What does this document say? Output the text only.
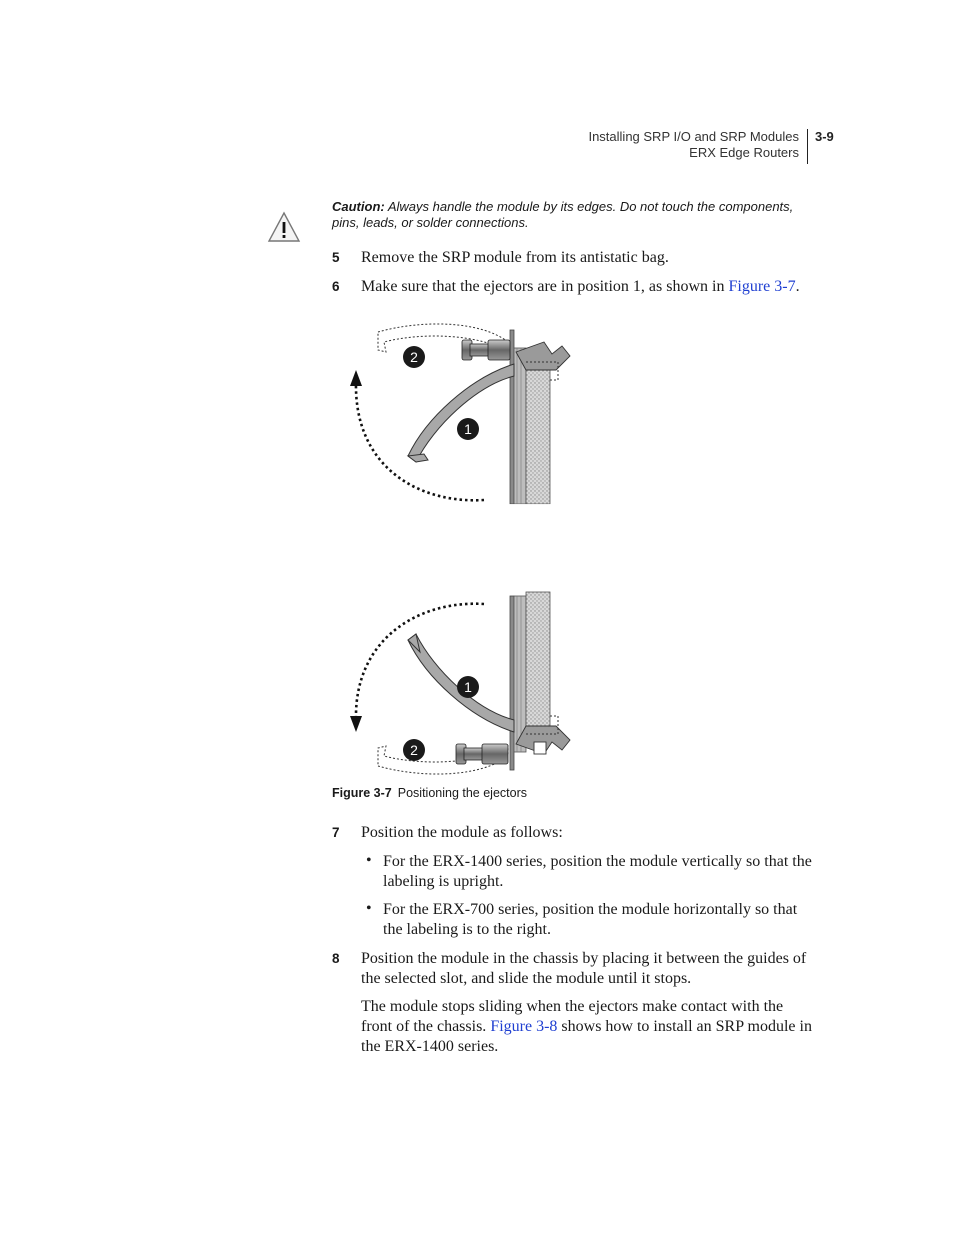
Installing SRP I/O and SRP Modules
ERX Edge Routers
3-9
Caution: Always handle the module by its edges. Do not touch the components, pins, leads, or solder connections.
5 Remove the SRP module from its antistatic bag.
6 Make sure that the ejectors are in position 1, as shown in Figure 3-7.
2
1
1
2
Figure 3-7 Positioning the ejectors
7 Position the module as follows:
• For the ERX-1400 series, position the module vertically so that the labeling is upright.
• For the ERX-700 series, position the module horizontally so that the labeling is to the right.
8 Position the module in the chassis by placing it between the guides of the selected slot, and slide the module until it stops.
The module stops sliding when the ejectors make contact with the front of the chassis. Figure 3-8 shows how to install an SRP module in the ERX-1400 series.
